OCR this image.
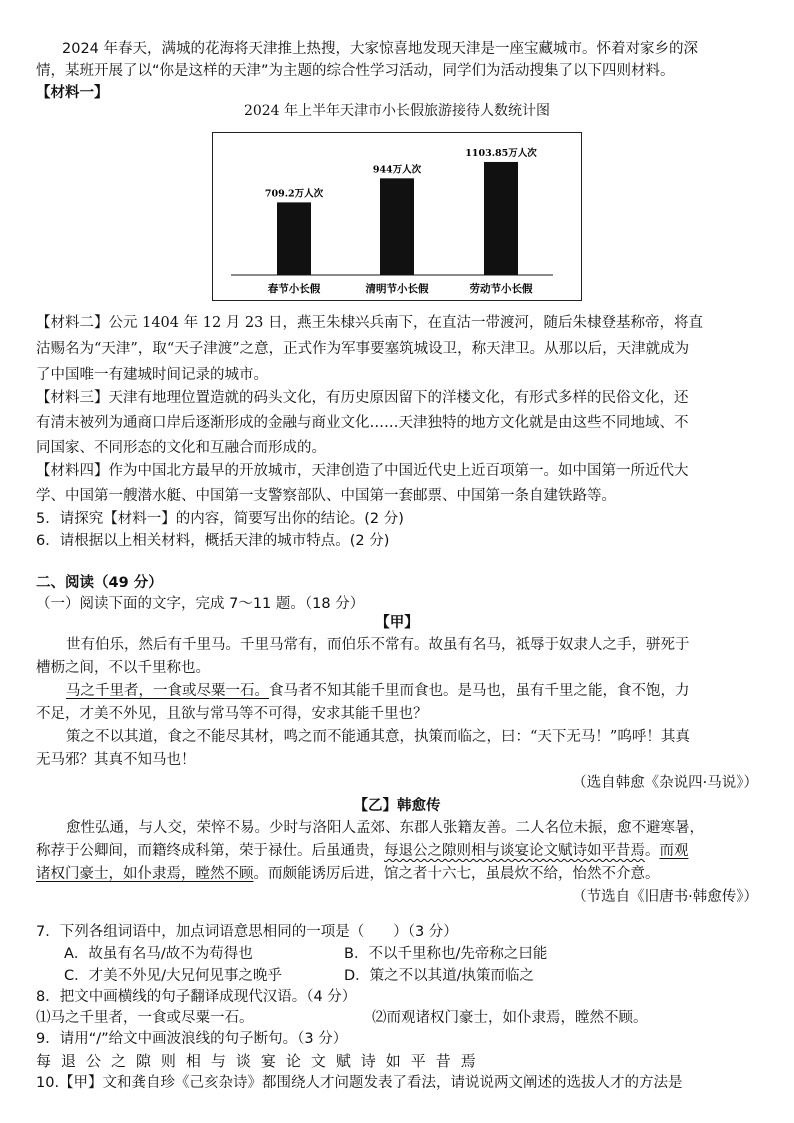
2024 年春天，满城的花海将天津推上热搜，大家惊喜地发现天津是一座宝藏城市。怀着对家乡的深
情，某班开展了以“你是这样的天津”为主题的综合性学习活动，同学们为活动搜集了以下四则材料。
【材料一】
2024 年上半年天津市小长假旅游接待人数统计图
709.2万人次
春节小长假
944万人次
清明节小长假
1103.85万人次
劳动节小长假
【材料二】公元 1404 年 12 月 23 日，燕王朱棣兴兵南下，在直沽一带渡河，随后朱棣登基称帝，将直
沽赐名为“天津”，取“天子津渡”之意，正式作为军事要塞筑城设卫，称天津卫。从那以后，天津就成为
了中国唯一有建城时间记录的城市。
【材料三】天津有地理位置造就的码头文化，有历史原因留下的洋楼文化，有形式多样的民俗文化，还
有清末被列为通商口岸后逐渐形成的金融与商业文化……天津独特的地方文化就是由这些不同地域、不
同国家、不同形态的文化和互融合而形成的。
【材料四】作为中国北方最早的开放城市，天津创造了中国近代史上近百项第一。如中国第一所近代大
学、中国第一艘潜水艇、中国第一支警察部队、中国第一套邮票、中国第一条自建铁路等。
5．请探究【材料一】的内容，简要写出你的结论。(2 分)
6．请根据以上相关材料，概括天津的城市特点。(2 分)
二、阅读（49 分）
（一）阅读下面的文字，完成 7～11 题。（18 分）
【甲】
世有伯乐，然后有千里马。千里马常有，而伯乐不常有。故虽有名马，祗辱于奴隶人之手，骈死于
槽枥之间，不以千里称也。
马之千里者，一食或尽粟一石。食马者不知其能千里而食也。是马也，虽有千里之能，食不饱，力
不足，才美不外见，且欲与常马等不可得，安求其能千里也？
策之不以其道，食之不能尽其材，鸣之而不能通其意，执策而临之，曰：“天下无马！”呜呼！其真
无马邪？其真不知马也！
（选自韩愈《杂说四·马说》）
【乙】韩愈传
愈性弘通，与人交，荣悴不易。少时与洛阳人孟郊、东郡人张籍友善。二人名位未振，愈不避寒暑，
称荐于公卿间，而籍终成科第，荣于禄仕。后虽通贵，每退公之隙则相与谈宴论文赋诗如平昔焉。而观
诸权门豪士，如仆隶焉，瞠然不顾。而颇能诱厉后进，馆之者十六七，虽晨炊不给，怡然不介意。
（节选自《旧唐书·韩愈传》）
7．下列各组词语中，加点词语意思相同的一项是（　　）（3 分）
A．故虽有名马/故不为苟得也	B．不以千里称也/先帝称之曰能
C．才美不外见/大兄何见事之晚乎	D．策之不以其道/执策而临之
8．把文中画横线的句子翻译成现代汉语。（4 分）
⑴马之千里者，一食或尽粟一石。	⑵而观诸权门豪士，如仆隶焉，瞠然不顾。
9．请用“/”给文中画波浪线的句子断句。（3 分）
每 退 公 之 隙 则 相 与 谈 宴 论 文 赋 诗 如 平 昔 焉
10.【甲】文和龚自珍《己亥杂诗》都围绕人才问题发表了看法，请说说两文阐述的选拔人才的方法是
